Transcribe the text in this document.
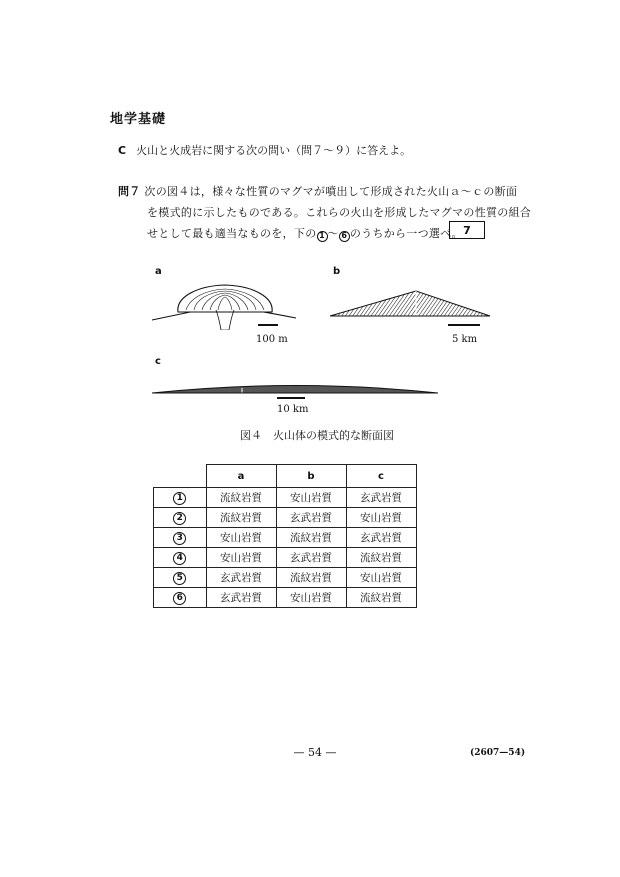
地学基礎
C 火山と火成岩に関する次の問い（問７～９）に答えよ。
問７ 次の図４は，様々な性質のマグマが噴出して形成された火山ａ～ｃの断面
を模式的に示したものである。これらの火山を形成したマグマの性質の組合
せとして最も適当なものを，下の 1 ～ 6 のうちから一つ選べ。 7
a	b
c
100 m	5 km
10 km
図４　火山体の模式的な断面図
	a	b	c
1	流紋岩質	安山岩質	玄武岩質
2	流紋岩質	玄武岩質	安山岩質
3	安山岩質	流紋岩質	玄武岩質
4	安山岩質	玄武岩質	流紋岩質
5	玄武岩質	流紋岩質	安山岩質
6	玄武岩質	安山岩質	流紋岩質
— 54 —	(2607—54)
